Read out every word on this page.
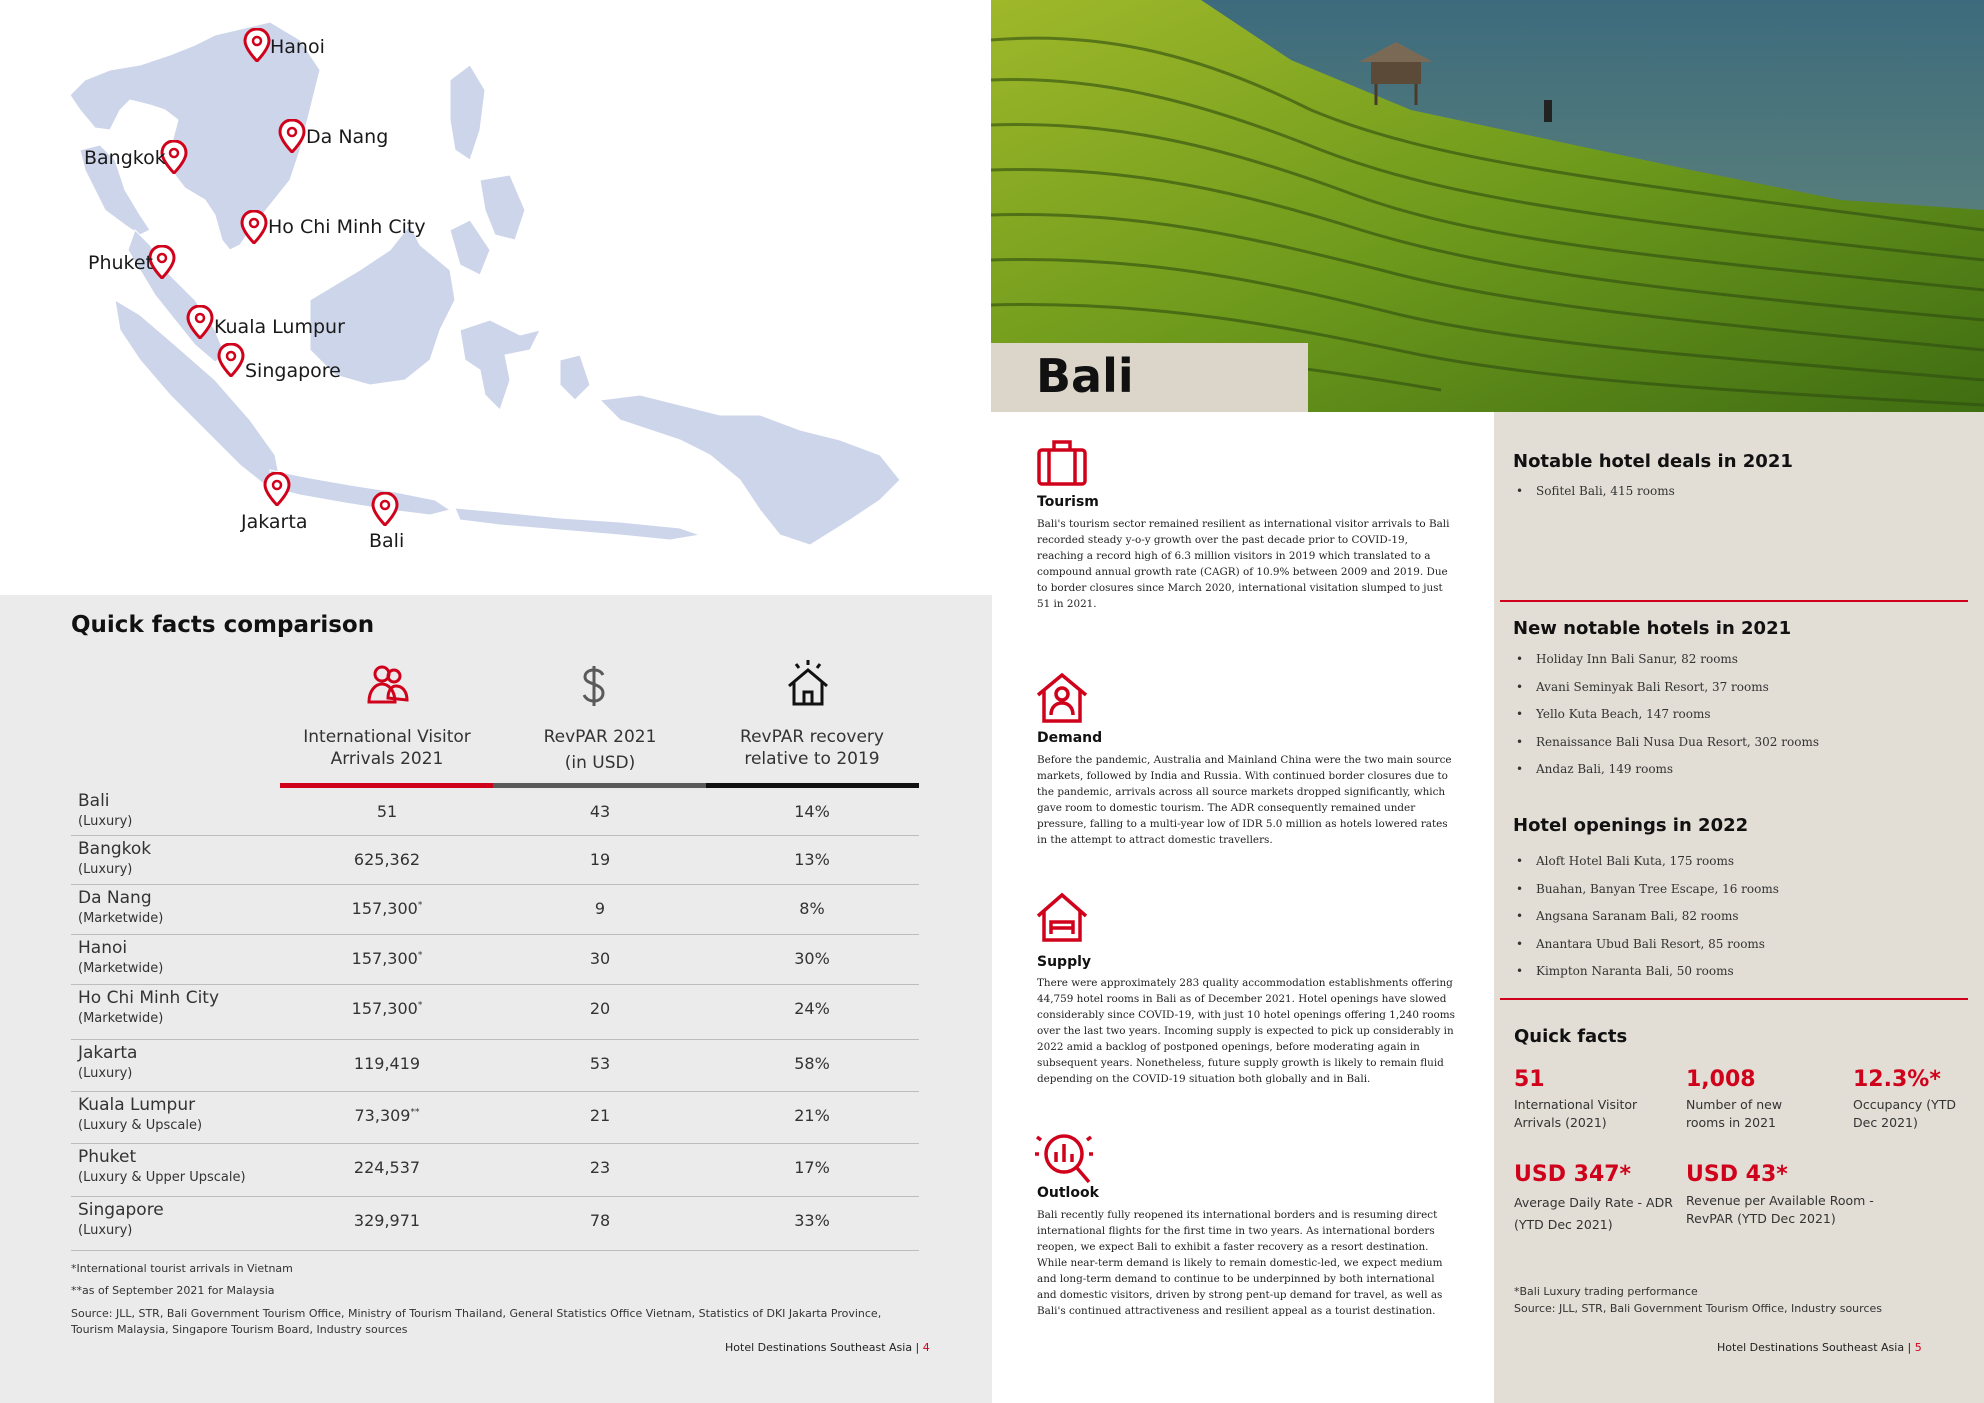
Hanoi
Da Nang
Bangkok
Ho Chi Minh City
Phuket
Kuala Lumpur
Singapore
Jakarta
Bali
Quick facts comparison
International Visitor
Arrivals 2021
RevPAR 2021
(in USD)
RevPAR recovery
relative to 2019
Bali
(Luxury)
51	43	14%
Bangkok
(Luxury)
625,362	19	13%
Da Nang
(Marketwide)
157,300*	9	8%
Hanoi
(Marketwide)
157,300*	30	30%
Ho Chi Minh City
(Marketwide)
157,300*	20	24%
Jakarta
(Luxury)
119,419	53	58%
Kuala Lumpur
(Luxury & Upscale)
73,309**	21	21%
Phuket
(Luxury & Upper Upscale)
224,537	23	17%
Singapore
(Luxury)
329,971	78	33%
*International tourist arrivals in Vietnam
**as of September 2021 for Malaysia
Source: JLL, STR, Bali Government Tourism Office, Ministry of Tourism Thailand, General Statistics Office Vietnam, Statistics of DKI Jakarta Province, Tourism Malaysia, Singapore Tourism Board, Industry sources
Hotel Destinations Southeast Asia | 4
Bali
Tourism
Bali's tourism sector remained resilient as international visitor arrivals to Bali recorded steady y-o-y growth over the past decade prior to COVID-19, reaching a record high of 6.3 million visitors in 2019 which translated to a compound annual growth rate (CAGR) of 10.9% between 2009 and 2019. Due to border closures since March 2020, international visitation slumped to just 51 in 2021.
Demand
Before the pandemic, Australia and Mainland China were the two main source markets, followed by India and Russia. With continued border closures due to the pandemic, arrivals across all source markets dropped significantly, which gave room to domestic tourism. The ADR consequently remained under pressure, falling to a multi-year low of IDR 5.0 million as hotels lowered rates in the attempt to attract domestic travellers.
Supply
There were approximately 283 quality accommodation establishments offering 44,759 hotel rooms in Bali as of December 2021. Hotel openings have slowed considerably since COVID-19, with just 10 hotel openings offering 1,240 rooms over the last two years. Incoming supply is expected to pick up considerably in 2022 amid a backlog of postponed openings, before moderating again in subsequent years. Nonetheless, future supply growth is likely to remain fluid depending on the COVID-19 situation both globally and in Bali.
Outlook
Bali recently fully reopened its international borders and is resuming direct international flights for the first time in two years. As international borders reopen, we expect Bali to exhibit a faster recovery as a resort destination. While near-term demand is likely to remain domestic-led, we expect medium and long-term demand to continue to be underpinned by both international and domestic visitors, driven by strong pent-up demand for travel, as well as Bali's continued attractiveness and resilient appeal as a tourist destination.
Notable hotel deals in 2021
• Sofitel Bali, 415 rooms
New notable hotels in 2021
• Holiday Inn Bali Sanur, 82 rooms
• Avani Seminyak Bali Resort, 37 rooms
• Yello Kuta Beach, 147 rooms
• Renaissance Bali Nusa Dua Resort, 302 rooms
• Andaz Bali, 149 rooms
Hotel openings in 2022
• Aloft Hotel Bali Kuta, 175 rooms
• Buahan, Banyan Tree Escape, 16 rooms
• Angsana Saranam Bali, 82 rooms
• Anantara Ubud Bali Resort, 85 rooms
• Kimpton Naranta Bali, 50 rooms
Quick facts
51
International Visitor Arrivals (2021)
1,008
Number of new rooms in 2021
12.3%*
Occupancy (YTD Dec 2021)
USD 347*
Average Daily Rate - ADR (YTD Dec 2021)
USD 43*
Revenue per Available Room - RevPAR (YTD Dec 2021)
*Bali Luxury trading performance
Source: JLL, STR, Bali Government Tourism Office, Industry sources
Hotel Destinations Southeast Asia | 5
